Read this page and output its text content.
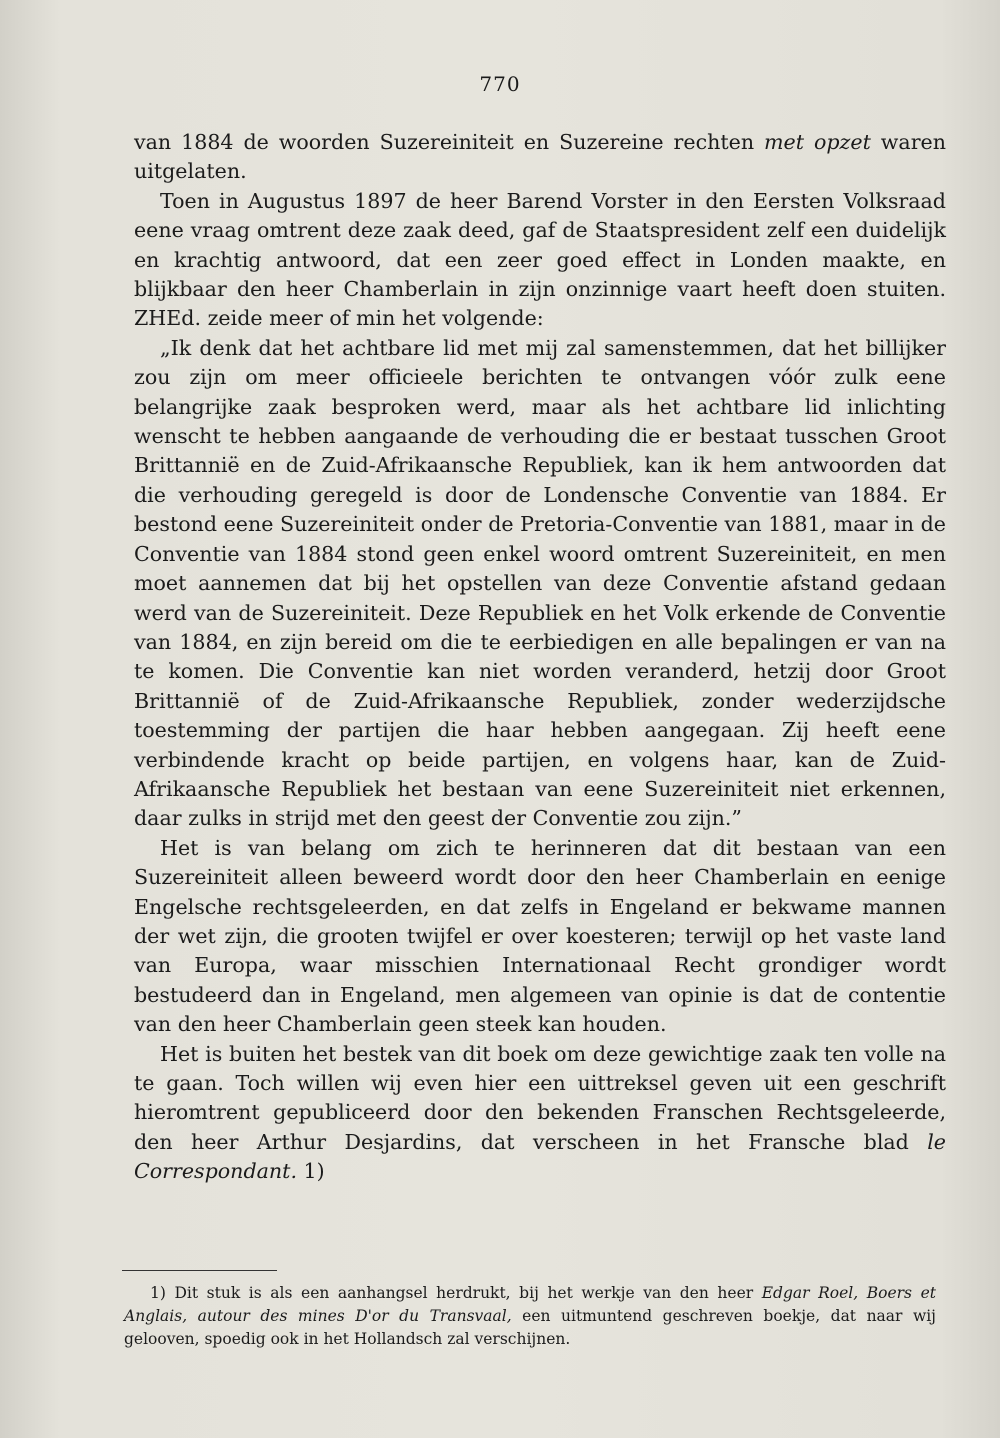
770

van 1884 de woorden Suzereiniteit en Suzereine rechten met opzet waren uitgelaten.

Toen in Augustus 1897 de heer Barend Vorster in den Eersten Volksraad eene vraag omtrent deze zaak deed, gaf de Staatspresident zelf een duidelijk en krachtig antwoord, dat een zeer goed effect in Londen maakte, en blijkbaar den heer Chamberlain in zijn onzinnige vaart heeft doen stuiten. ZHEd. zeide meer of min het volgende:

„Ik denk dat het achtbare lid met mij zal samenstemmen, dat het billijker zou zijn om meer officieele berichten te ontvangen vóór zulk eene belangrijke zaak besproken werd, maar als het achtbare lid inlichting wenscht te hebben aangaande de verhouding die er bestaat tusschen Groot Brittannië en de Zuid-Afrikaansche Republiek, kan ik hem antwoorden dat die verhouding geregeld is door de Londensche Conventie van 1884. Er bestond eene Suzereiniteit onder de Pretoria-Conventie van 1881, maar in de Conventie van 1884 stond geen enkel woord omtrent Suzereiniteit, en men moet aannemen dat bij het opstellen van deze Conventie afstand gedaan werd van de Suzereiniteit. Deze Republiek en het Volk erkende de Conventie van 1884, en zijn bereid om die te eerbiedigen en alle bepalingen er van na te komen. Die Conventie kan niet worden veranderd, hetzij door Groot Brittannië of de Zuid-Afrikaansche Republiek, zonder wederzijdsche toestemming der partijen die haar hebben aangegaan. Zij heeft eene verbindende kracht op beide partijen, en volgens haar, kan de Zuid-Afrikaansche Republiek het bestaan van eene Suzereiniteit niet erkennen, daar zulks in strijd met den geest der Conventie zou zijn.”

Het is van belang om zich te herinneren dat dit bestaan van een Suzereiniteit alleen beweerd wordt door den heer Chamberlain en eenige Engelsche rechtsgeleerden, en dat zelfs in Engeland er bekwame mannen der wet zijn, die grooten twijfel er over koesteren; terwijl op het vaste land van Europa, waar misschien Internationaal Recht grondiger wordt bestudeerd dan in Engeland, men algemeen van opinie is dat de contentie van den heer Chamberlain geen steek kan houden.

Het is buiten het bestek van dit boek om deze gewichtige zaak ten volle na te gaan. Toch willen wij even hier een uittreksel geven uit een geschrift hieromtrent gepubliceerd door den bekenden Franschen Rechtsgeleerde, den heer Arthur Desjardins, dat verscheen in het Fransche blad le Correspondant. 1)

1) Dit stuk is als een aanhangsel herdrukt, bij het werkje van den heer Edgar Roel, Boers et Anglais, autour des mines D'or du Transvaal, een uitmuntend geschreven boekje, dat naar wij gelooven, spoedig ook in het Hollandsch zal verschijnen.
